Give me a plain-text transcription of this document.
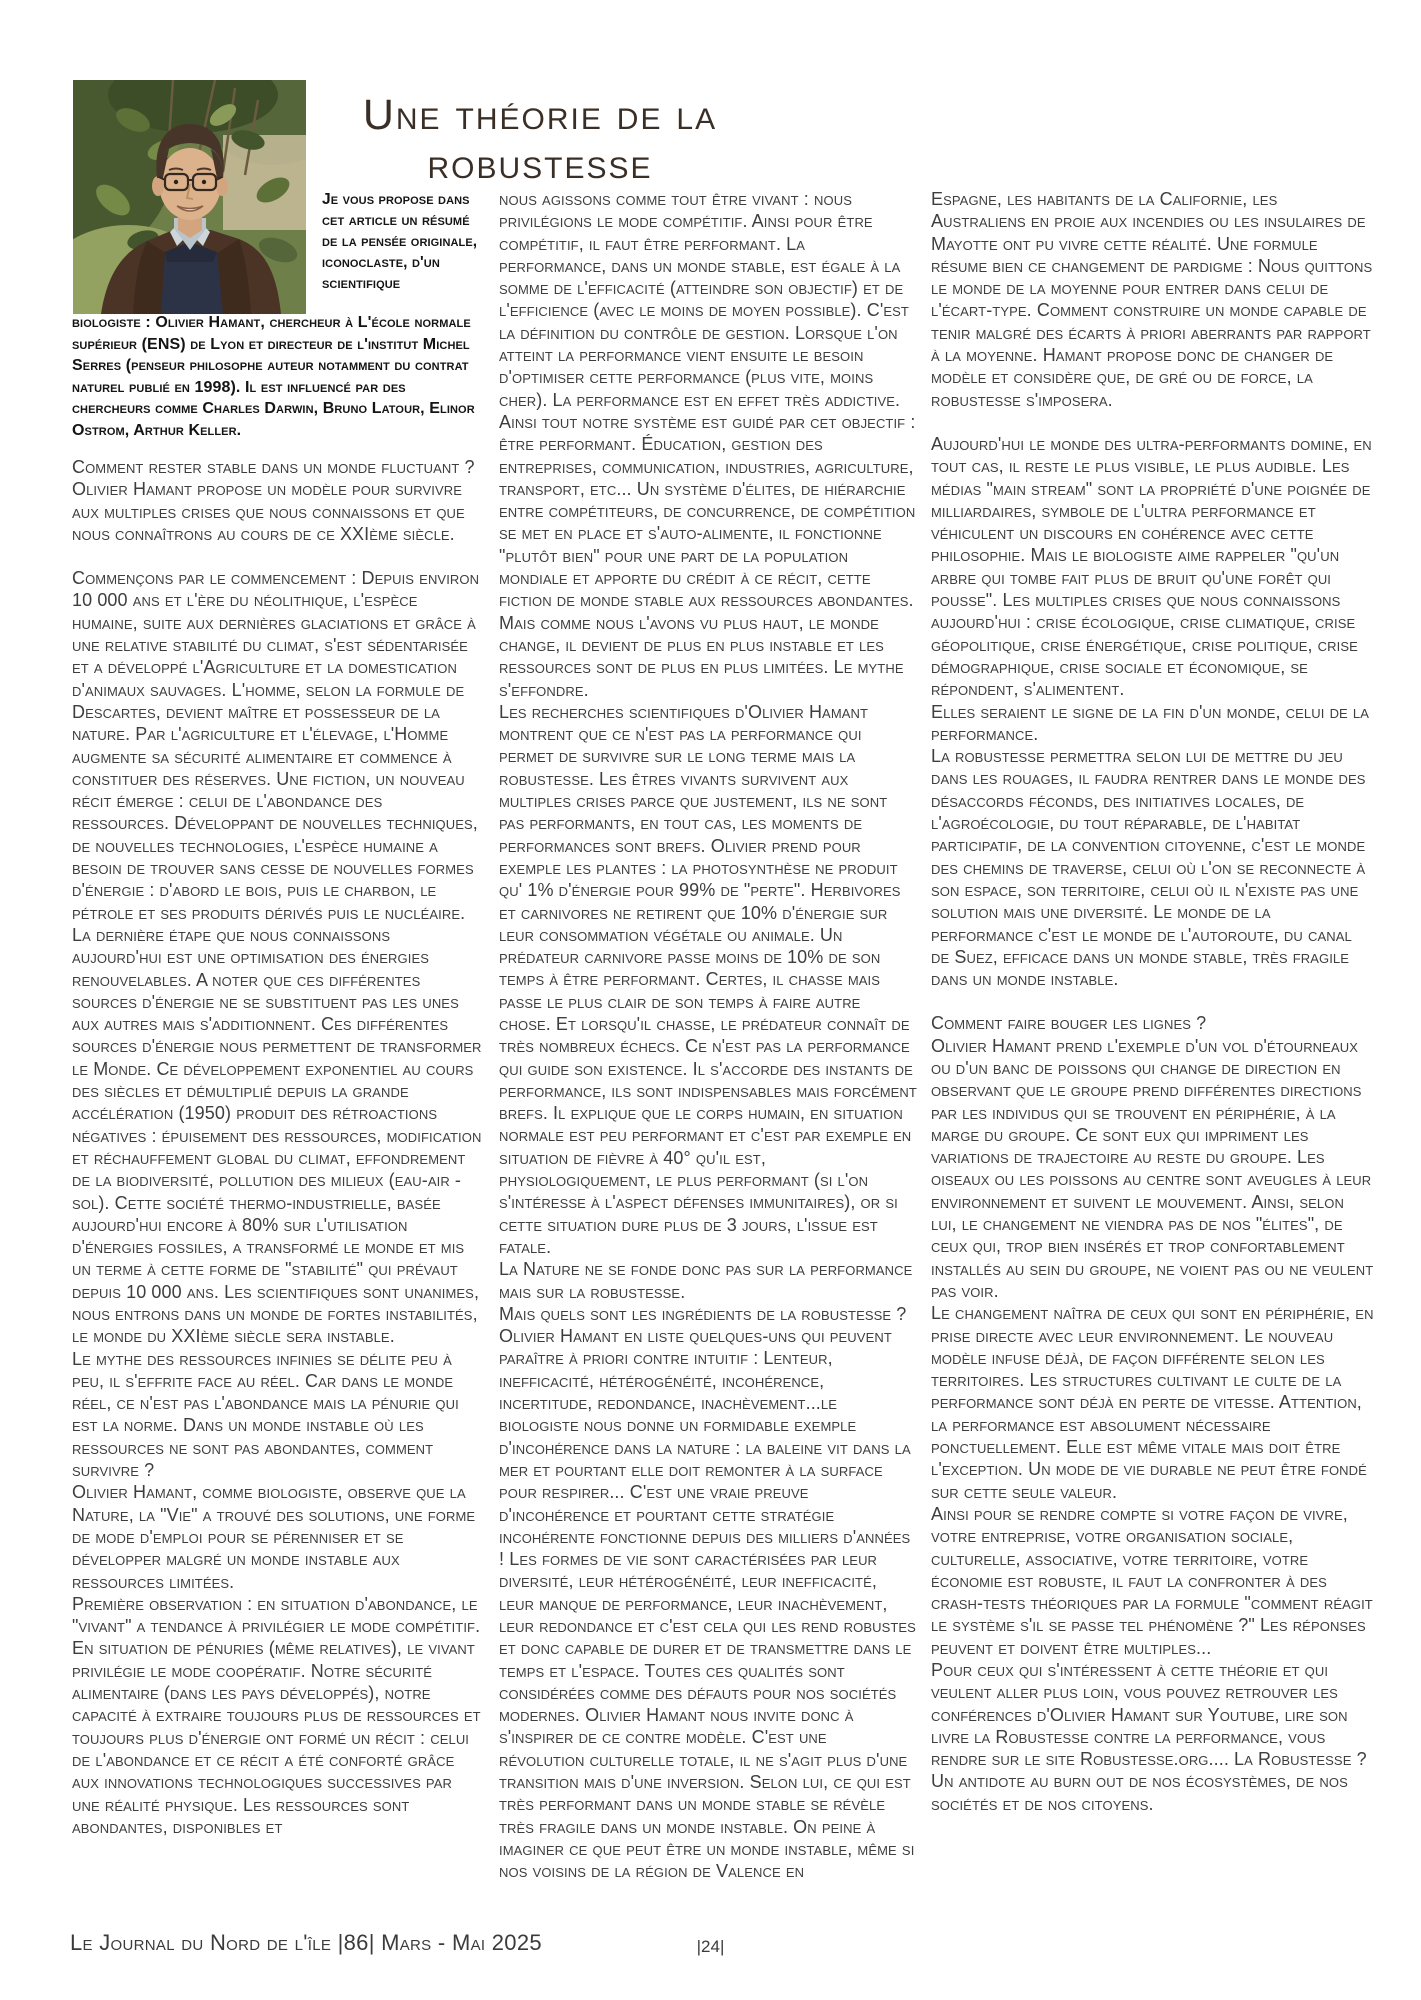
Une théorie de la robustesse
Je vous propose dans cet article un résumé de la pensée originale, iconoclaste, d'un scientifique
biologiste : Olivier Hamant, chercheur à L'école normale supérieur (ENS) de Lyon et directeur de l'institut Michel Serres (penseur philosophe auteur notamment du contrat naturel publié en 1998). Il est influencé par des chercheurs comme Charles Darwin, Bruno Latour, Elinor Ostrom, Arthur Keller.

Comment rester stable dans un monde fluctuant ? Olivier Hamant propose un modèle pour survivre aux multiples crises que nous connaissons et que nous connaîtrons au cours de ce XXIème siècle.

Commençons par le commencement : Depuis environ 10 000 ans et l'ère du néolithique, l'espèce humaine, suite aux dernières glaciations et grâce à une relative stabilité du climat, s'est sédentarisée et a développé l'Agriculture et la domestication d'animaux sauvages. L'homme, selon la formule de Descartes, devient maître et possesseur de la nature. Par l'agriculture et l'élevage, l'Homme augmente sa sécurité alimentaire et commence à constituer des réserves. Une fiction, un nouveau récit émerge : celui de l'abondance des ressources. Développant de nouvelles techniques, de nouvelles technologies, l'espèce humaine a besoin de trouver sans cesse de nouvelles formes d'énergie : d'abord le bois, puis le charbon, le pétrole et ses produits dérivés puis le nucléaire. La dernière étape que nous connaissons aujourd'hui est une optimisation des énergies renouvelables. A noter que ces différentes sources d'énergie ne se substituent pas les unes aux autres mais s'additionnent. Ces différentes sources d'énergie nous permettent de transformer le Monde. Ce développement exponentiel au cours des siècles et démultiplié depuis la grande accélération (1950) produit des rétroactions négatives : épuisement des ressources, modification et réchauffement global du climat, effondrement de la biodiversité, pollution des milieux (eau-air - sol). Cette société thermo-industrielle, basée aujourd'hui encore à 80% sur l'utilisation d'énergies fossiles, a transformé le monde et mis un terme à cette forme de "stabilité" qui prévaut depuis 10 000 ans. Les scientifiques sont unanimes, nous entrons dans un monde de fortes instabilités, le monde du XXIème siècle sera instable.

Le mythe des ressources infinies se délite peu à peu, il s'effrite face au réel. Car dans le monde réel, ce n'est pas l'abondance mais la pénurie qui est la norme. Dans un monde instable où les ressources ne sont pas abondantes, comment survivre ?

Olivier Hamant, comme biologiste, observe que la Nature, la "Vie" a trouvé des solutions, une forme de mode d'emploi pour se pérenniser et se développer malgré un monde instable aux ressources limitées.

Première observation : en situation d'abondance, le "vivant" a tendance à privilégier le mode compétitif. En situation de pénuries (même relatives), le vivant privilégie le mode coopératif. Notre sécurité alimentaire (dans les pays développés), notre capacité à extraire toujours plus de ressources et toujours plus d'énergie ont formé un récit : celui de l'abondance et ce récit a été conforté grâce aux innovations technologiques successives par une réalité physique. Les ressources sont abondantes, disponibles et

nous agissons comme tout être vivant : nous privilégions le mode compétitif. Ainsi pour être compétitif, il faut être performant. La performance, dans un monde stable, est égale à la somme de l'efficacité (atteindre son objectif) et de l'efficience (avec le moins de moyen possible). C'est la définition du contrôle de gestion. Lorsque l'on atteint la performance vient ensuite le besoin d'optimiser cette performance (plus vite, moins cher). La performance est en effet très addictive. Ainsi tout notre système est guidé par cet objectif : être performant. Éducation, gestion des entreprises, communication, industries, agriculture, transport, etc... Un système d'élites, de hiérarchie entre compétiteurs, de concurrence, de compétition se met en place et s'auto-alimente, il fonctionne "plutôt bien" pour une part de la population mondiale et apporte du crédit à ce récit, cette fiction de monde stable aux ressources abondantes.

Mais comme nous l'avons vu plus haut, le monde change, il devient de plus en plus instable et les ressources sont de plus en plus limitées. Le mythe s'effondre.

Les recherches scientifiques d'Olivier Hamant montrent que ce n'est pas la performance qui permet de survivre sur le long terme mais la robustesse. Les êtres vivants survivent aux multiples crises parce que justement, ils ne sont pas performants, en tout cas, les moments de performances sont brefs. Olivier prend pour exemple les plantes : la photosynthèse ne produit qu' 1% d'énergie pour 99% de "perte". Herbivores et carnivores ne retirent que 10% d'énergie sur leur consommation végétale ou animale. Un prédateur carnivore passe moins de 10% de son temps à être performant. Certes, il chasse mais passe le plus clair de son temps à faire autre chose. Et lorsqu'il chasse, le prédateur connaît de très nombreux échecs. Ce n'est pas la performance qui guide son existence. Il s'accorde des instants de performance, ils sont indispensables mais forcément brefs. Il explique que le corps humain, en situation normale est peu performant et c'est par exemple en situation de fièvre à 40° qu'il est, physiologiquement, le plus performant (si l'on s'intéresse à l'aspect défenses immunitaires), or si cette situation dure plus de 3 jours, l'issue est fatale.

La Nature ne se fonde donc pas sur la performance mais sur la robustesse.

Mais quels sont les ingrédients de la robustesse ? Olivier Hamant en liste quelques-uns qui peuvent paraître à priori contre intuitif : Lenteur, inefficacité, hétérogénéité, incohérence, incertitude, redondance, inachèvement...le biologiste nous donne un formidable exemple d'incohérence dans la nature : la baleine vit dans la mer et pourtant elle doit remonter à la surface pour respirer... C'est une vraie preuve d'incohérence et pourtant cette stratégie incohérente fonctionne depuis des milliers d'années ! Les formes de vie sont caractérisées par leur diversité, leur hétérogénéité, leur inefficacité, leur manque de performance, leur inachèvement, leur redondance et c'est cela qui les rend robustes et donc capable de durer et de transmettre dans le temps et l'espace. Toutes ces qualités sont considérées comme des défauts pour nos sociétés modernes. Olivier Hamant nous invite donc à s'inspirer de ce contre modèle. C'est une révolution culturelle totale, il ne s'agit plus d'une transition mais d'une inversion. Selon lui, ce qui est très performant dans un monde stable se révèle très fragile dans un monde instable. On peine à imaginer ce que peut être un monde instable, même si nos voisins de la région de Valence en

Espagne, les habitants de la Californie, les Australiens en proie aux incendies ou les insulaires de Mayotte ont pu vivre cette réalité. Une formule résume bien ce changement de pardigme : Nous quittons le monde de la moyenne pour entrer dans celui de l'écart-type. Comment construire un monde capable de tenir malgré des écarts à priori aberrants par rapport à la moyenne. Hamant propose donc de changer de modèle et considère que, de gré ou de force, la robustesse s'imposera.

Aujourd'hui le monde des ultra-performants domine, en tout cas, il reste le plus visible, le plus audible. Les médias "main stream" sont la propriété d'une poignée de milliardaires, symbole de l'ultra performance et véhiculent un discours en cohérence avec cette philosophie. Mais le biologiste aime rappeler "qu'un arbre qui tombe fait plus de bruit qu'une forêt qui pousse". Les multiples crises que nous connaissons aujourd'hui : crise écologique, crise climatique, crise géopolitique, crise énergétique, crise politique, crise démographique, crise sociale et économique, se répondent, s'alimentent.

Elles seraient le signe de la fin d'un monde, celui de la performance.

La robustesse permettra selon lui de mettre du jeu dans les rouages, il faudra rentrer dans le monde des désaccords féconds, des initiatives locales, de l'agroécologie, du tout réparable, de l'habitat participatif, de la convention citoyenne, c'est le monde des chemins de traverse, celui où l'on se reconnecte à son espace, son territoire, celui où il n'existe pas une solution mais une diversité. Le monde de la performance c'est le monde de l'autoroute, du canal de Suez, efficace dans un monde stable, très fragile dans un monde instable.

Comment faire bouger les lignes ?

Olivier Hamant prend l'exemple d'un vol d'étourneaux ou d'un banc de poissons qui change de direction en observant que le groupe prend différentes directions par les individus qui se trouvent en périphérie, à la marge du groupe. Ce sont eux qui impriment les variations de trajectoire au reste du groupe. Les oiseaux ou les poissons au centre sont aveugles à leur environnement et suivent le mouvement. Ainsi, selon lui, le changement ne viendra pas de nos "élites", de ceux qui, trop bien insérés et trop confortablement installés au sein du groupe, ne voient pas ou ne veulent pas voir.

Le changement naîtra de ceux qui sont en périphérie, en prise directe avec leur environnement. Le nouveau modèle infuse déjà, de façon différente selon les territoires. Les structures cultivant le culte de la performance sont déjà en perte de vitesse. Attention, la performance est absolument nécessaire ponctuellement. Elle est même vitale mais doit être l'exception. Un mode de vie durable ne peut être fondé sur cette seule valeur.

Ainsi pour se rendre compte si votre façon de vivre, votre entreprise, votre organisation sociale, culturelle, associative, votre territoire, votre économie est robuste, il faut la confronter à des crash-tests théoriques par la formule "comment réagit le système s'il se passe tel phénomène ?" Les réponses peuvent et doivent être multiples...

Pour ceux qui s'intéressent à cette théorie et qui veulent aller plus loin, vous pouvez retrouver les conférences d'Olivier Hamant sur Youtube, lire son livre la Robustesse contre la performance, vous rendre sur le site Robustesse.org.... La Robustesse ? Un antidote au burn out de nos écosystèmes, de nos sociétés et de nos citoyens.

Le Journal du Nord de l'île |86| Mars - Mai 2025	|24|
